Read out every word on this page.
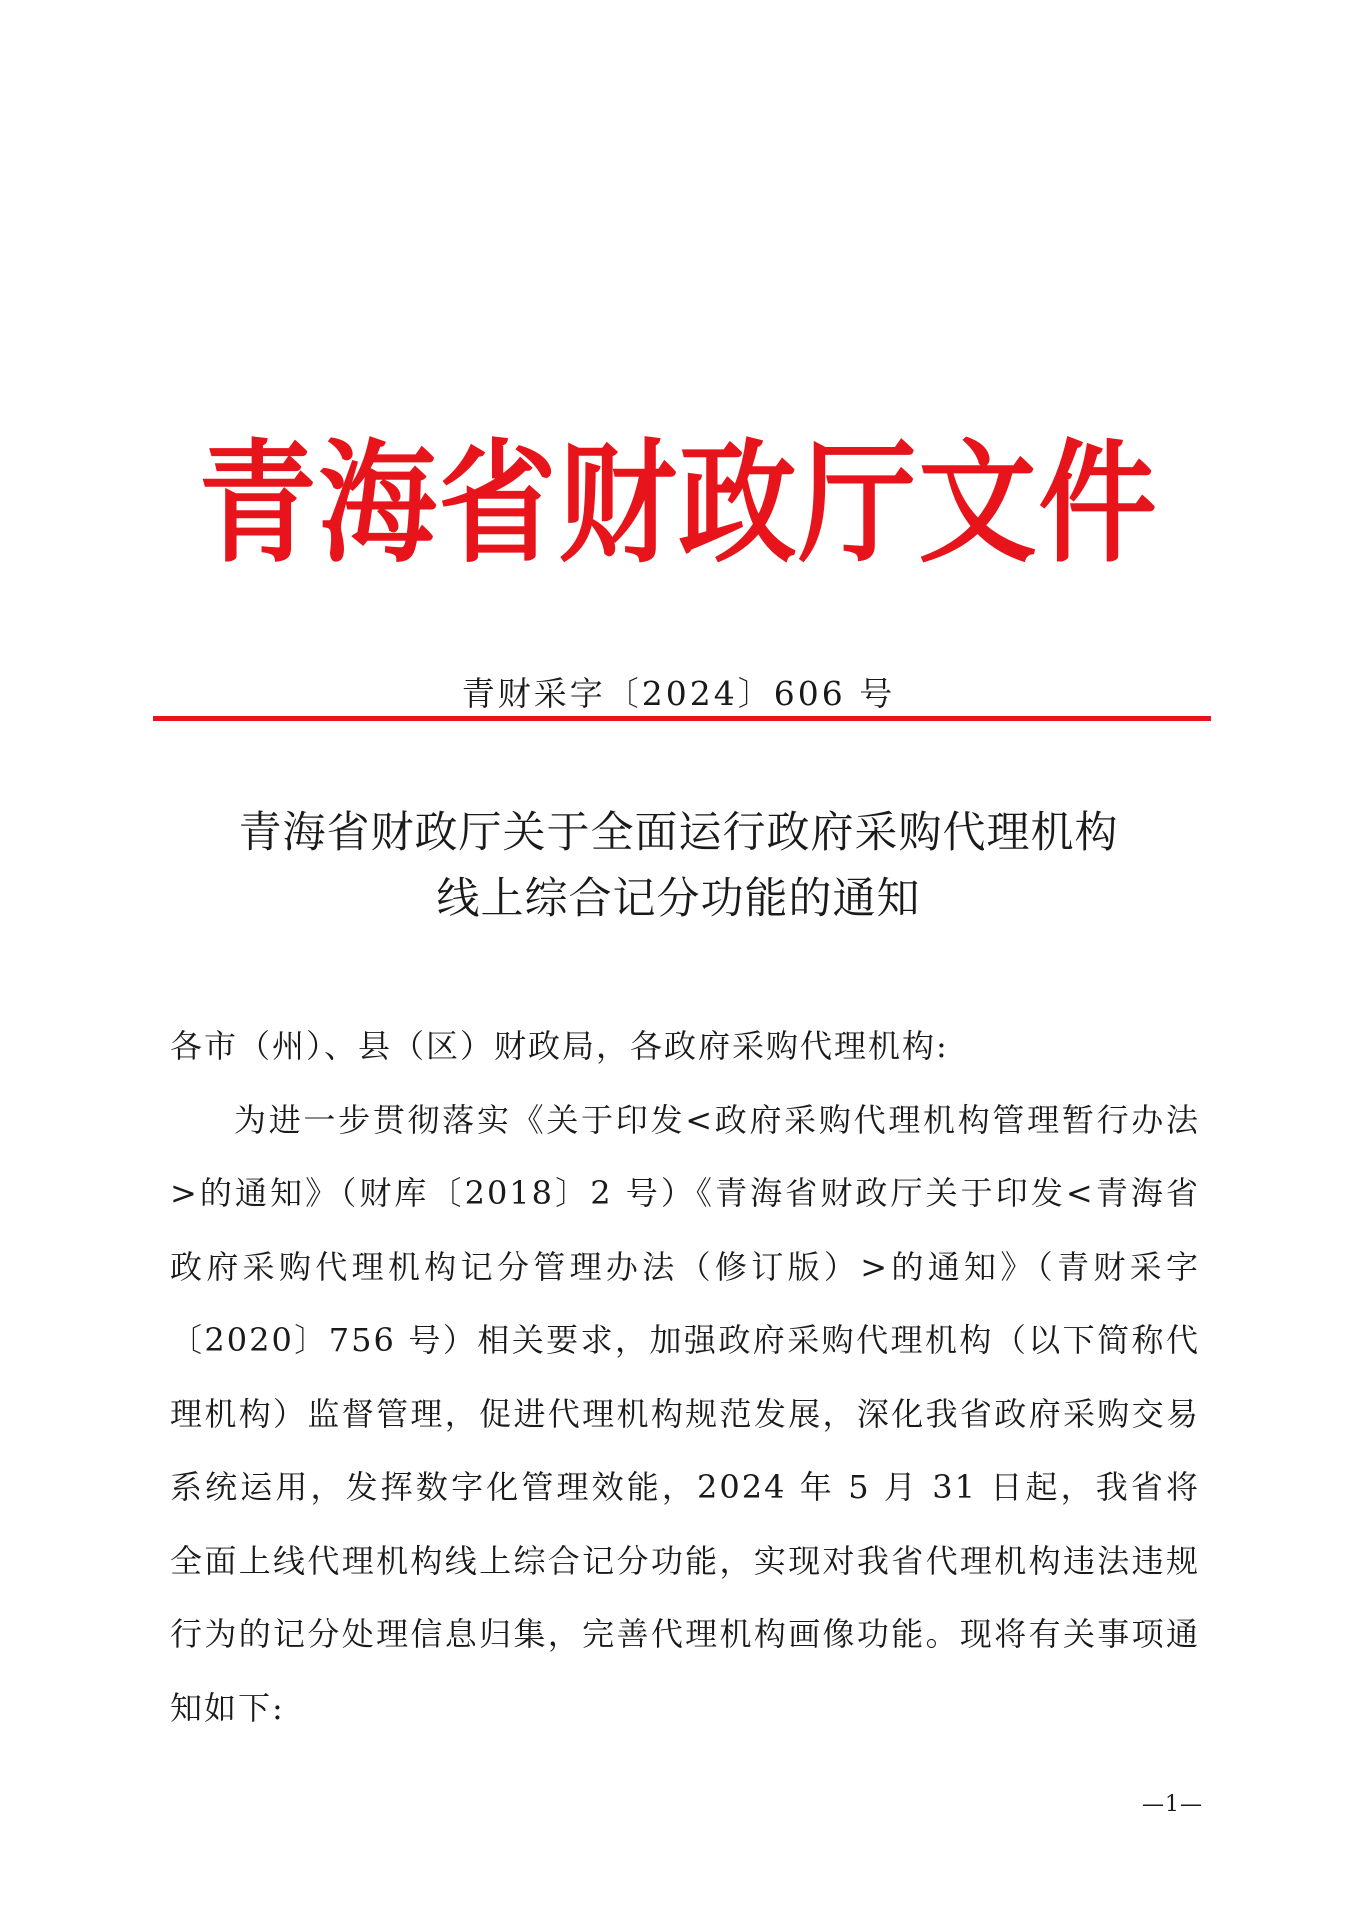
青海省财政厅文件
青财采字〔2024〕606 号
青海省财政厅关于全面运行政府采购代理机构
线上综合记分功能的通知
各市（州）、县（区）财政局，各政府采购代理机构:
为进一步贯彻落实《关于印发<政府采购代理机构管理暂行办法>的通知》（财库〔2018〕2 号）《青海省财政厅关于印发<青海省政府采购代理机构记分管理办法（修订版）>的通知》（青财采字〔2020〕756 号）相关要求，加强政府采购代理机构（以下简称代理机构）监督管理，促进代理机构规范发展，深化我省政府采购交易系统运用，发挥数字化管理效能，2024 年 5 月 31 日起，我省将全面上线代理机构线上综合记分功能，实现对我省代理机构违法违规行为的记分处理信息归集，完善代理机构画像功能。现将有关事项通知如下:
—1—
